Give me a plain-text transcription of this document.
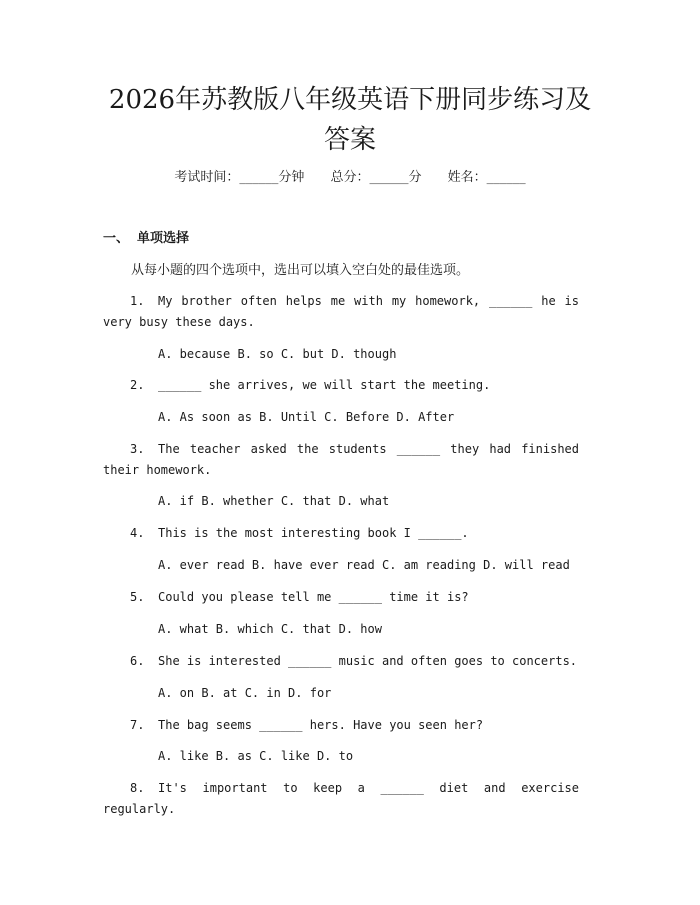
2026年苏教版八年级英语下册同步练习及答案
考试时间：______分钟 总分：______分 姓名：______
一、 单项选择
从每小题的四个选项中，选出可以填入空白处的最佳选项。

1. My brother often helps me with my homework, ______ he is very busy these days.

A. because B. so C. but D. though

2. ______ she arrives, we will start the meeting.

A. As soon as B. Until C. Before D. After

3. The teacher asked the students ______ they had finished their homework.

A. if B. whether C. that D. what

4. This is the most interesting book I ______.

A. ever read B. have ever read C. am reading D. will read

5. Could you please tell me ______ time it is?

A. what B. which C. that D. how

6. She is interested ______ music and often goes to concerts.

A. on B. at C. in D. for

7. The bag seems ______ hers. Have you seen her?

A. like B. as C. like D. to

8. It's important to keep a ______ diet and exercise regularly.
